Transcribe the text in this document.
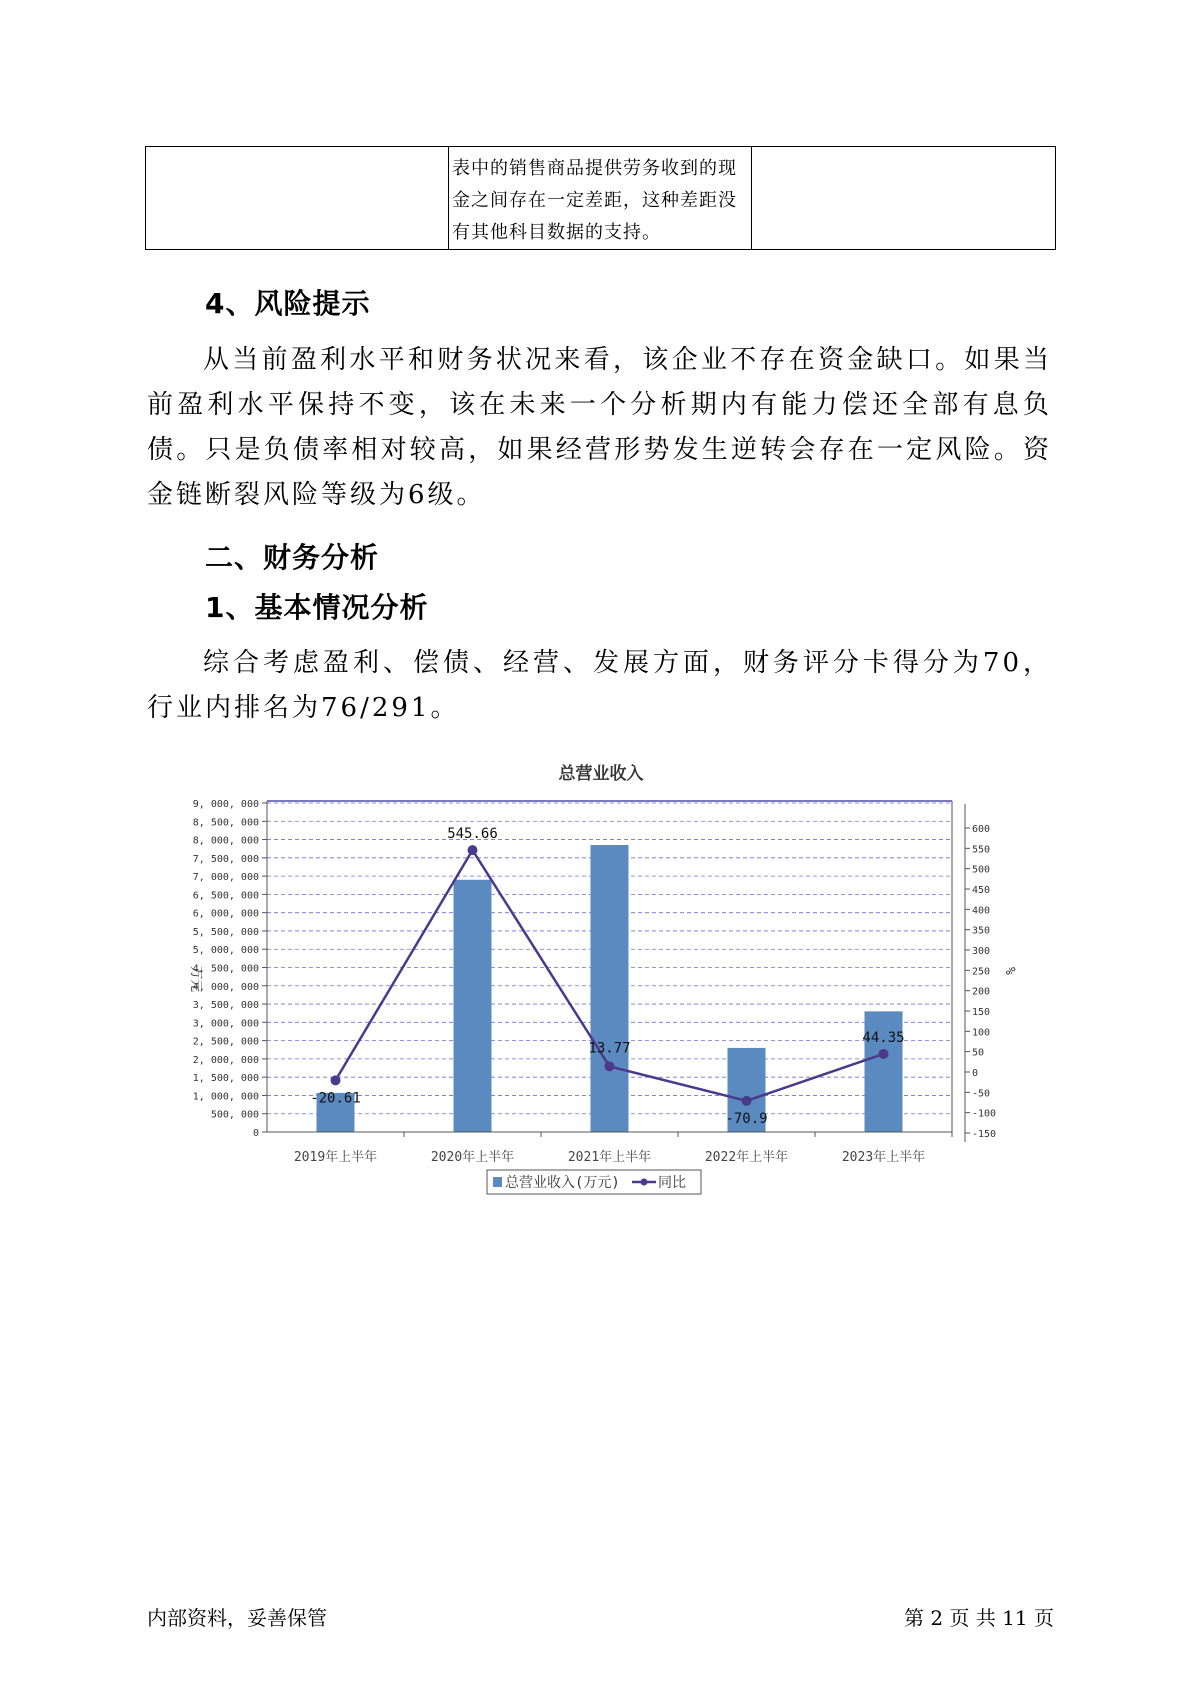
表中的销售商品提供劳务收到的现金之间存在一定差距，这种差距没有其他科目数据的支持。

4、风险提示
从当前盈利水平和财务状况来看，该企业不存在资金缺口。如果当前盈利水平保持不变，该在未来一个分析期内有能力偿还全部有息负债。只是负债率相对较高，如果经营形势发生逆转会存在一定风险。资金链断裂风险等级为6级。
二、财务分析
1、基本情况分析
综合考虑盈利、偿债、经营、发展方面，财务评分卡得分为70，行业内排名为76/291。
总营业收入
0
500, 000
1, 000, 000
1, 500, 000
2, 000, 000
2, 500, 000
3, 000, 000
3, 500, 000
4, 000, 000
4, 500, 000
5, 000, 000
5, 500, 000
6, 000, 000
6, 500, 000
7, 000, 000
7, 500, 000
8, 000, 000
8, 500, 000
9, 000, 000
-150
-100
-50
0
50
100
150
200
250
300
350
400
450
500
550
600
2019年上半年	2020年上半年	2021年上半年	2022年上半年	2023年上半年
-20.61
545.66
13.77
-70.9
44.35
万元	%
总营业收入(万元)	同比
内部资料，妥善保管	第 2 页 共 11 页
